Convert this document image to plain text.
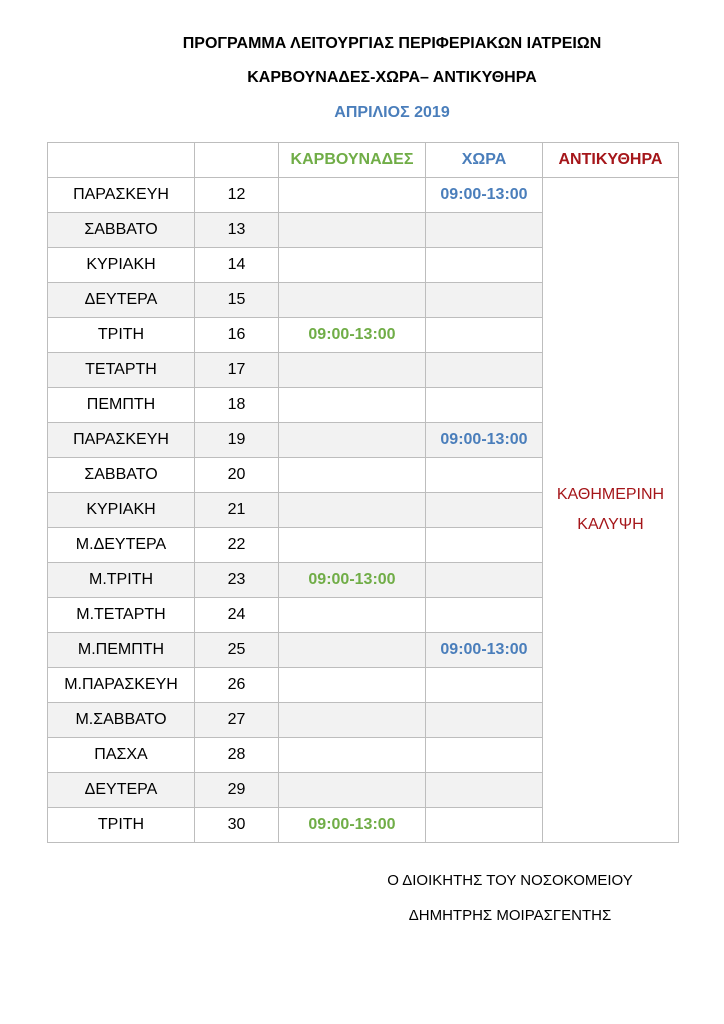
ΠΡΟΓΡΑΜΜΑ ΛΕΙΤΟΥΡΓΙΑΣ ΠΕΡΙΦΕΡΙΑΚΩΝ ΙΑΤΡΕΙΩΝ

ΚΑΡΒΟΥΝΑΔΕΣ-ΧΩΡΑ– ΑΝΤΙΚΥΘΗΡΑ

ΑΠΡΙΛΙΟΣ 2019

		ΚΑΡΒΟΥΝΑΔΕΣ	ΧΩΡΑ	ΑΝΤΙΚΥΘΗΡΑ
ΠΑΡΑΣΚΕΥΗ	12		09:00-13:00	ΚΑΘΗΜΕΡΙΝΗ
ΚΑΛΥΨΗ

ΣΑΒΒΑΤΟ	13			
ΚΥΡΙΑΚΗ	14			
ΔΕΥΤΕΡΑ	15			
ΤΡΙΤΗ	16	09:00-13:00		
ΤΕΤΑΡΤΗ	17			
ΠΕΜΠΤΗ	18			
ΠΑΡΑΣΚΕΥΗ	19		09:00-13:00	
ΣΑΒΒΑΤΟ	20			
ΚΥΡΙΑΚΗ	21			
Μ.ΔΕΥΤΕΡΑ	22			
Μ.ΤΡΙΤΗ	23	09:00-13:00		
Μ.ΤΕΤΑΡΤΗ	24			
Μ.ΠΕΜΠΤΗ	25		09:00-13:00	
Μ.ΠΑΡΑΣΚΕΥΗ	26			
Μ.ΣΑΒΒΑΤΟ	27			
ΠΑΣΧΑ	28			
ΔΕΥΤΕΡΑ	29			
ΤΡΙΤΗ	30	09:00-13:00		
Ο ΔΙΟΙΚΗΤΗΣ ΤΟΥ ΝΟΣΟΚΟΜΕΙΟΥ
ΔΗΜΗΤΡΗΣ ΜΟΙΡΑΣΓΕΝΤΗΣ
